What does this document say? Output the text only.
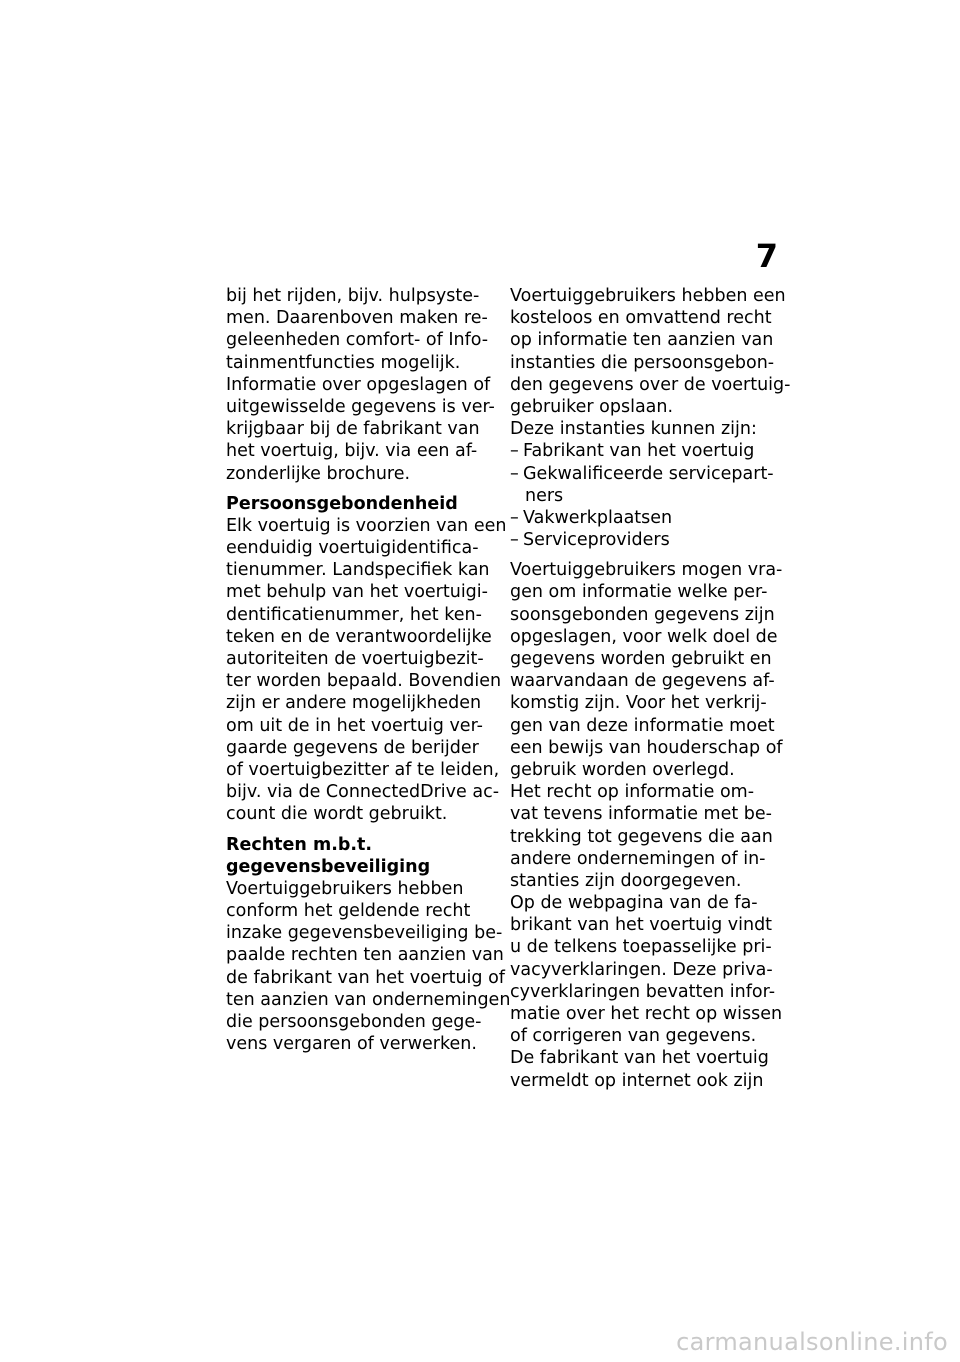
7
bij het rijden, bijv. hulpsyste-
men. Daarenboven maken re-
geleenheden comfort- of Info-
tainmentfuncties mogelijk.
Informatie over opgeslagen of
uitgewisselde gegevens is ver-
krijgbaar bij de fabrikant van
het voertuig, bijv. via een af-
zonderlijke brochure.
Persoonsgebondenheid
Elk voertuig is voorzien van een
eenduidig voertuigidentifica-
tienummer. Landspecifiek kan
met behulp van het voertuigi-
dentificatienummer, het ken-
teken en de verantwoordelijke
autoriteiten de voertuigbezit-
ter worden bepaald. Bovendien
zijn er andere mogelijkheden
om uit de in het voertuig ver-
gaarde gegevens de berijder
of voertuigbezitter af te leiden,
bijv. via de ConnectedDrive ac-
count die wordt gebruikt.
Rechten m.b.t.
gegevensbeveiliging
Voertuiggebruikers hebben
conform het geldende recht
inzake gegevensbeveiliging be-
paalde rechten ten aanzien van
de fabrikant van het voertuig of
ten aanzien van ondernemingen
die persoonsgebonden gege-
vens vergaren of verwerken.
Voertuiggebruikers hebben een
kosteloos en omvattend recht
op informatie ten aanzien van
instanties die persoonsgebon-
den gegevens over de voertuig-
gebruiker opslaan.
Deze instanties kunnen zijn:
– Fabrikant van het voertuig
– Gekwalificeerde servicepart-
ners
– Vakwerkplaatsen
– Serviceproviders
Voertuiggebruikers mogen vra-
gen om informatie welke per-
soonsgebonden gegevens zijn
opgeslagen, voor welk doel de
gegevens worden gebruikt en
waarvandaan de gegevens af-
komstig zijn. Voor het verkrij-
gen van deze informatie moet
een bewijs van houderschap of
gebruik worden overlegd.
Het recht op informatie om-
vat tevens informatie met be-
trekking tot gegevens die aan
andere ondernemingen of in-
stanties zijn doorgegeven.
Op de webpagina van de fa-
brikant van het voertuig vindt
u de telkens toepasselijke pri-
vacyverklaringen. Deze priva-
cyverklaringen bevatten infor-
matie over het recht op wissen
of corrigeren van gegevens.
De fabrikant van het voertuig
vermeldt op internet ook zijn
carmanualsonline.info
